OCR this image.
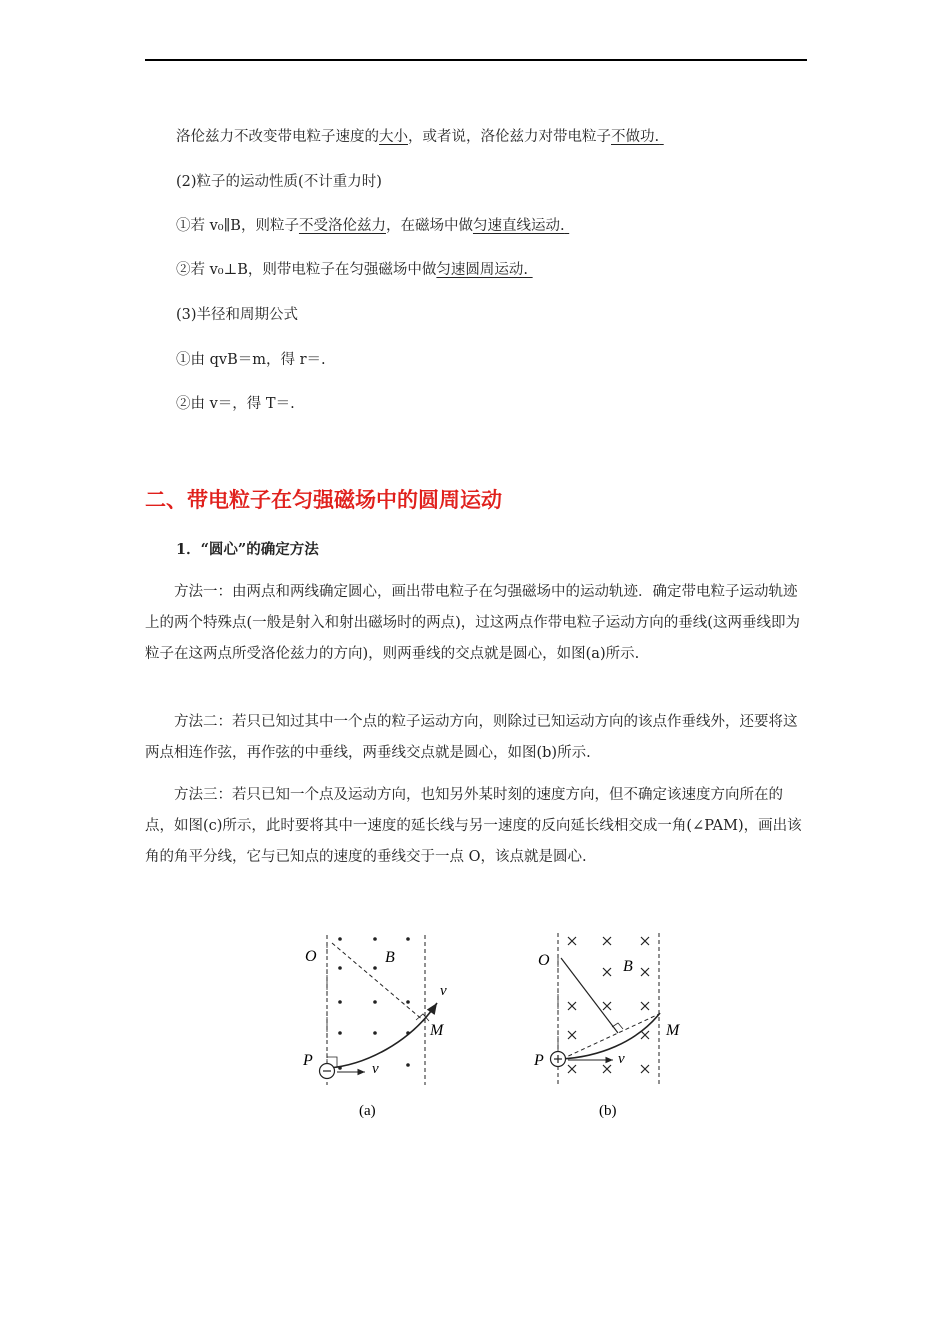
洛伦兹力不改变带电粒子速度的大小，或者说，洛伦兹力对带电粒子不做功.
(2)粒子的运动性质(不计重力时)
①若 v₀∥B，则粒子不受洛伦兹力，在磁场中做匀速直线运动.
②若 v₀⊥B，则带电粒子在匀强磁场中做匀速圆周运动.
(3)半径和周期公式
①由 qvB＝m，得 r＝.
②由 v＝，得 T＝.
二、带电粒子在匀强磁场中的圆周运动
1．“圆心”的确定方法
方法一：由两点和两线确定圆心，画出带电粒子在匀强磁场中的运动轨迹．确定带电粒子运动轨迹上的两个特殊点(一般是射入和射出磁场时的两点)，过这两点作带电粒子运动方向的垂线(这两垂线即为粒子在这两点所受洛伦兹力的方向)，则两垂线的交点就是圆心，如图(a)所示.
方法二：若只已知过其中一个点的粒子运动方向，则除过已知运动方向的该点作垂线外，还要将这两点相连作弦，再作弦的中垂线，两垂线交点就是圆心，如图(b)所示.
方法三：若只已知一个点及运动方向，也知另外某时刻的速度方向，但不确定该速度方向所在的点，如图(c)所示，此时要将其中一速度的延长线与另一速度的反向延长线相交成一角(∠PAM)，画出该角的角平分线，它与已知点的速度的垂线交于一点 O，该点就是圆心.
O	B
v
M
P	v
(a)
O	B
M
P	v
(b)
